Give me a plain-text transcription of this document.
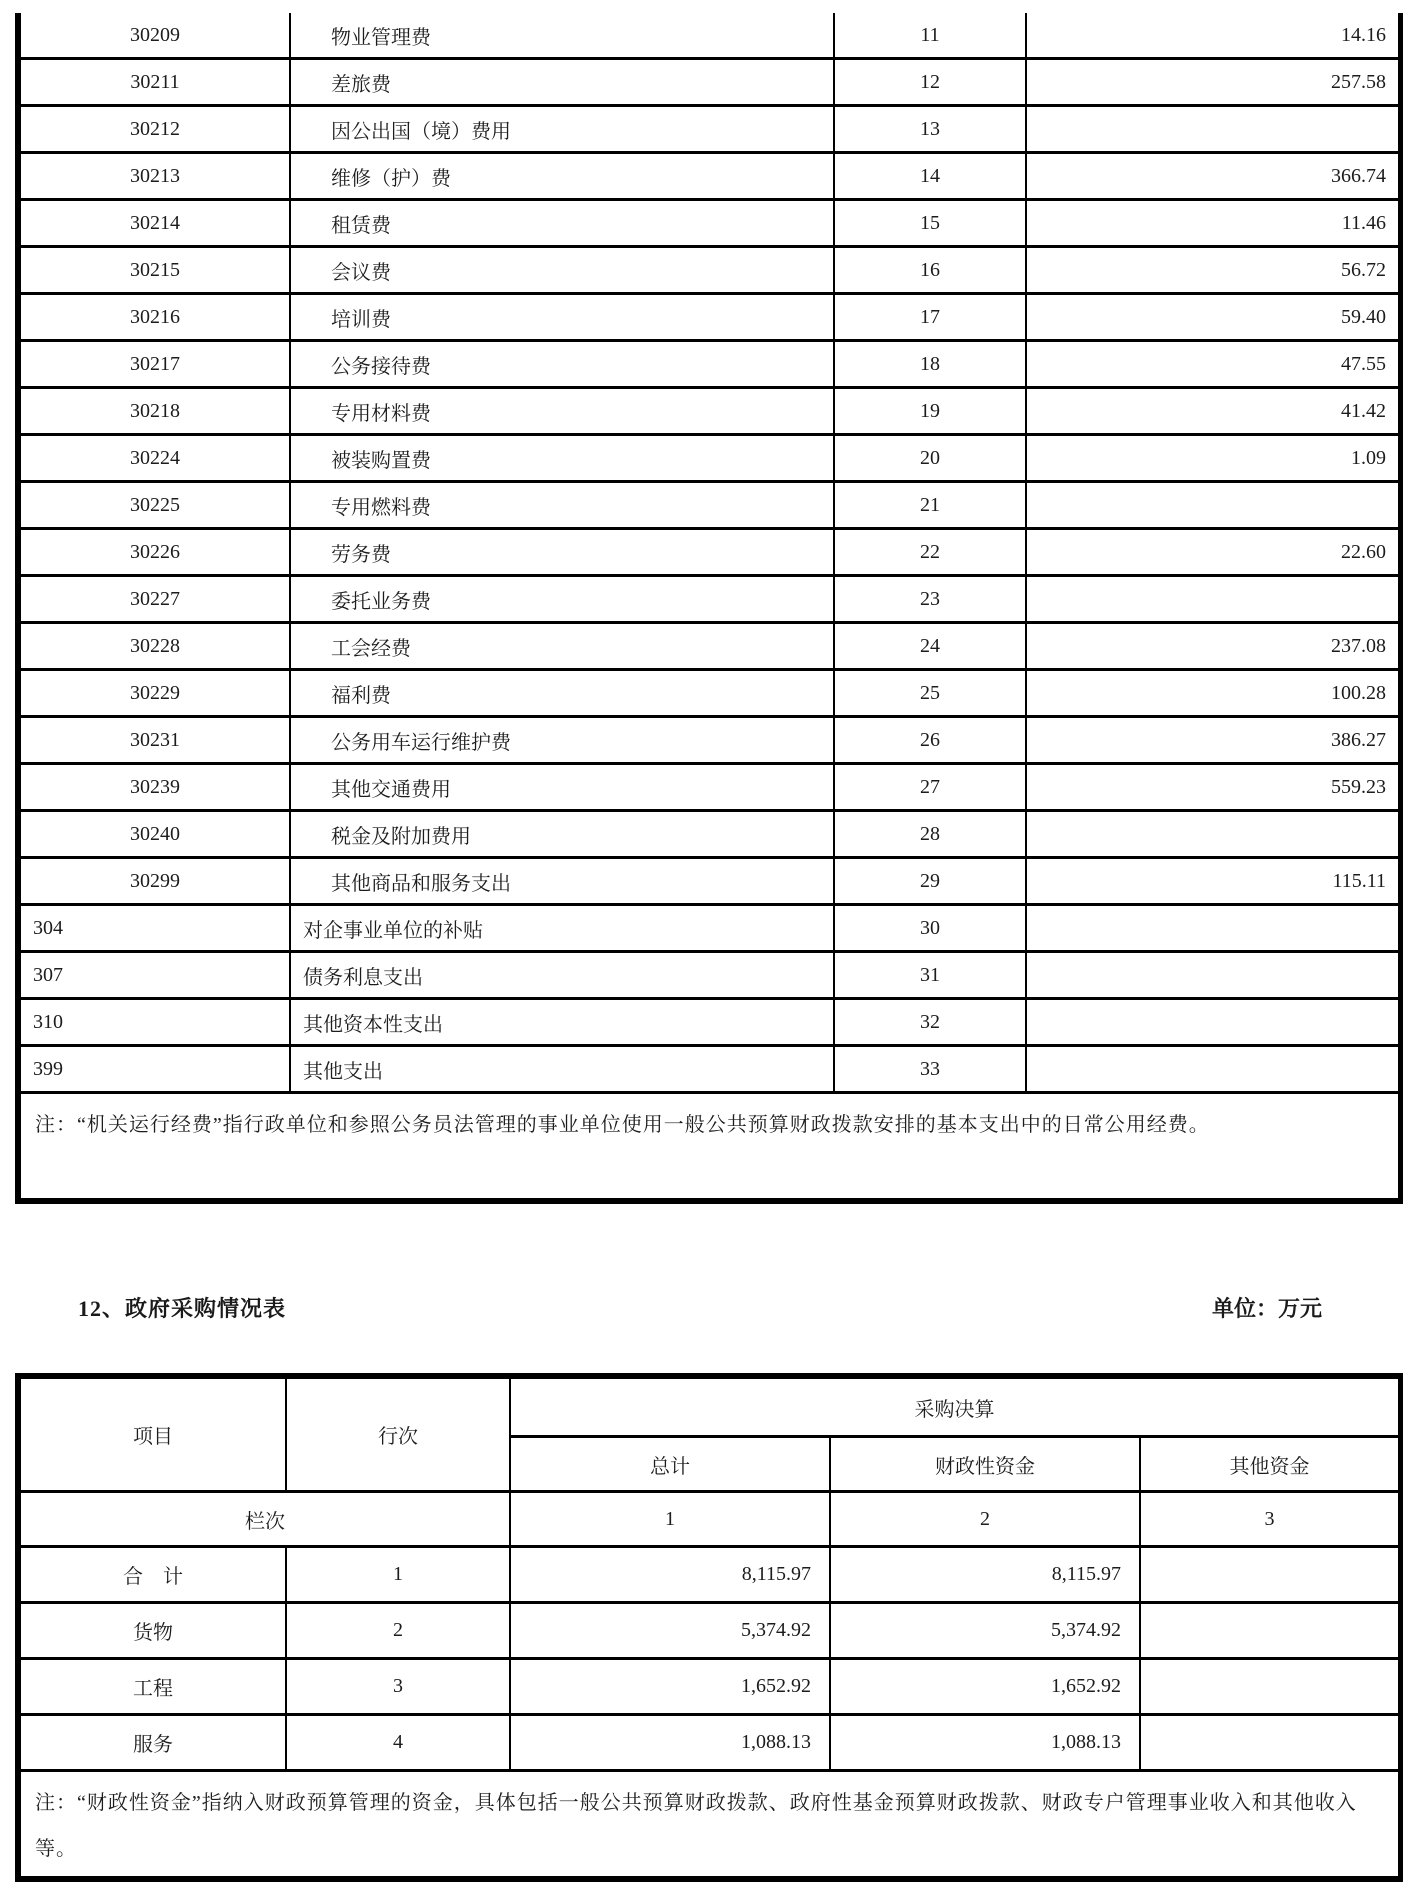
30209	物业管理费	11	14.16
30211	差旅费	12	257.58
30212	因公出国（境）费用	13	
30213	维修（护）费	14	366.74
30214	租赁费	15	11.46
30215	会议费	16	56.72
30216	培训费	17	59.40
30217	公务接待费	18	47.55
30218	专用材料费	19	41.42
30224	被装购置费	20	1.09
30225	专用燃料费	21	
30226	劳务费	22	22.60
30227	委托业务费	23	
30228	工会经费	24	237.08
30229	福利费	25	100.28
30231	公务用车运行维护费	26	386.27
30239	其他交通费用	27	559.23
30240	税金及附加费用	28	
30299	其他商品和服务支出	29	115.11
304	对企事业单位的补贴	30	
307	债务利息支出	31	
310	其他资本性支出	32	
399	其他支出	33	
注：“机关运行经费”指行政单位和参照公务员法管理的事业单位使用一般公共预算财政拨款安排的基本支出中的日常公用经费。			
12、政府采购情况表	单位：万元
项目	行次	采购决算		
		总计	财政性资金	其他资金
栏次		1	2	3
合　计	1	8,115.97	8,115.97	
货物	2	5,374.92	5,374.92	
工程	3	1,652.92	1,652.92	
服务	4	1,088.13	1,088.13	
注：“财政性资金”指纳入财政预算管理的资金，具体包括一般公共预算财政拨款、政府性基金预算财政拨款、财政专户管理事业收入和其他收入等。				
